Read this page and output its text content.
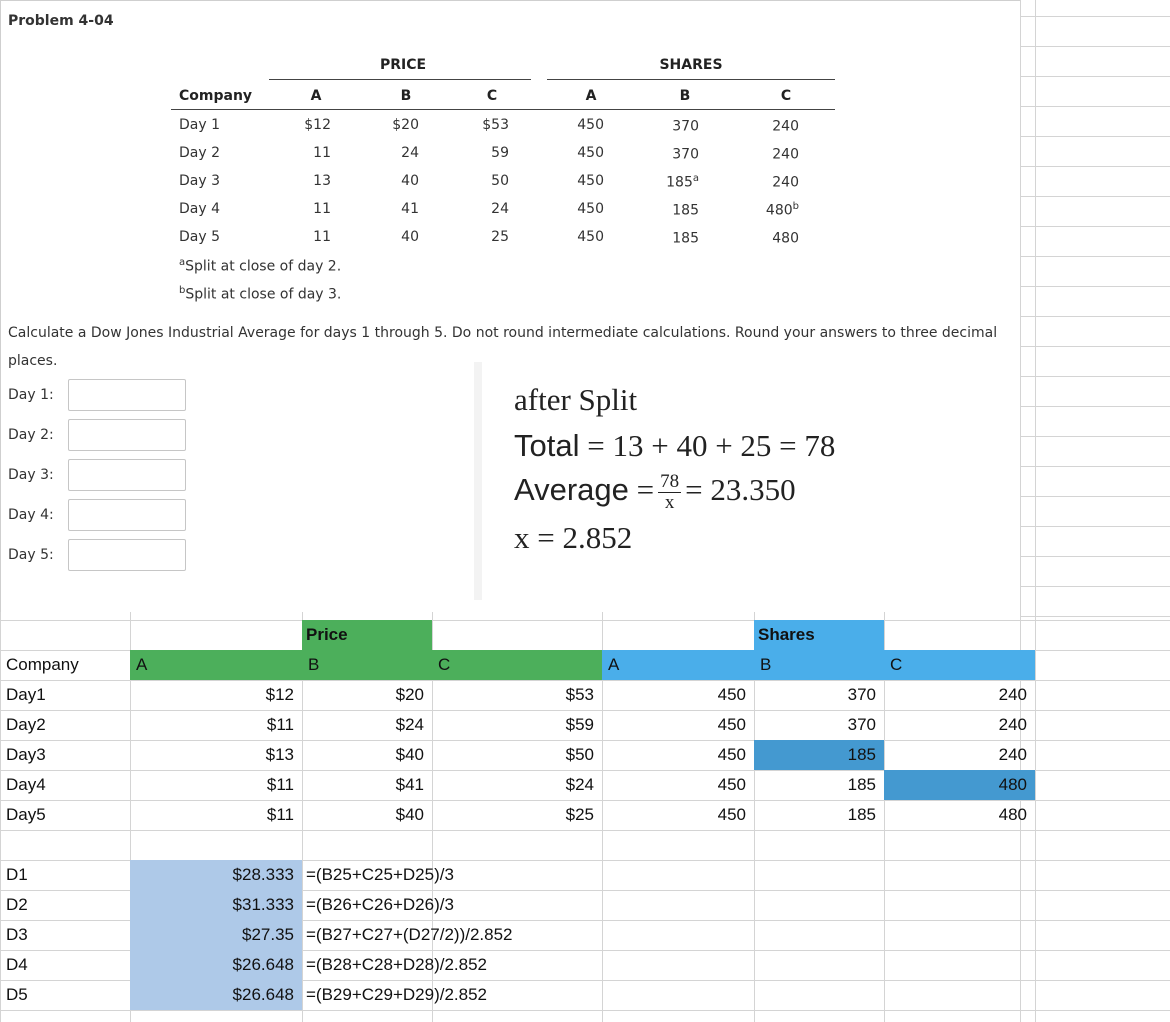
Problem 4-04
PRICE	SHARES
Company	A	B	C	A	B	C
Day 1	$12	$20	$53	450	370	240
Day 2	11	24	59	450	370	240
Day 3	13	40	50	450	185$^a$	240
Day 4	11	41	24	450	185	480$^b$
Day 5	11	40	25	450	185	480
$^a$Split at close of day 2.
$^b$Split at close of day 3.
Calculate a Dow Jones Industrial Average for days 1 through 5. Do not round intermediate calculations. Round your answers to three decimal places.
Day 1:
Day 2:
Day 3:
Day 4:
Day 5:
after Split
Total = 13 + 40 + 25 = 78
Average = $\frac{78}{x} = 23.350$
x = 2.852
Price	Shares
Company	A	B	C	A	B	C
Day1	$12	$20	$53	450	370	240
Day2	$11	$24	$59	450	370	240
Day3	$13	$40	$50	450	185	240
Day4	$11	$41	$24	450	185	480
Day5	$11	$40	$25	450	185	480
D1	$28.333 =(B25+C25+D25)/3
D2	$31.333 =(B26+C26+D26)/3
D3	$27.35 =(B27+C27+(D27/2))/2.852
D4	$26.648 =(B28+C28+D28)/2.852
D5	$26.648 =(B29+C29+D29)/2.852
